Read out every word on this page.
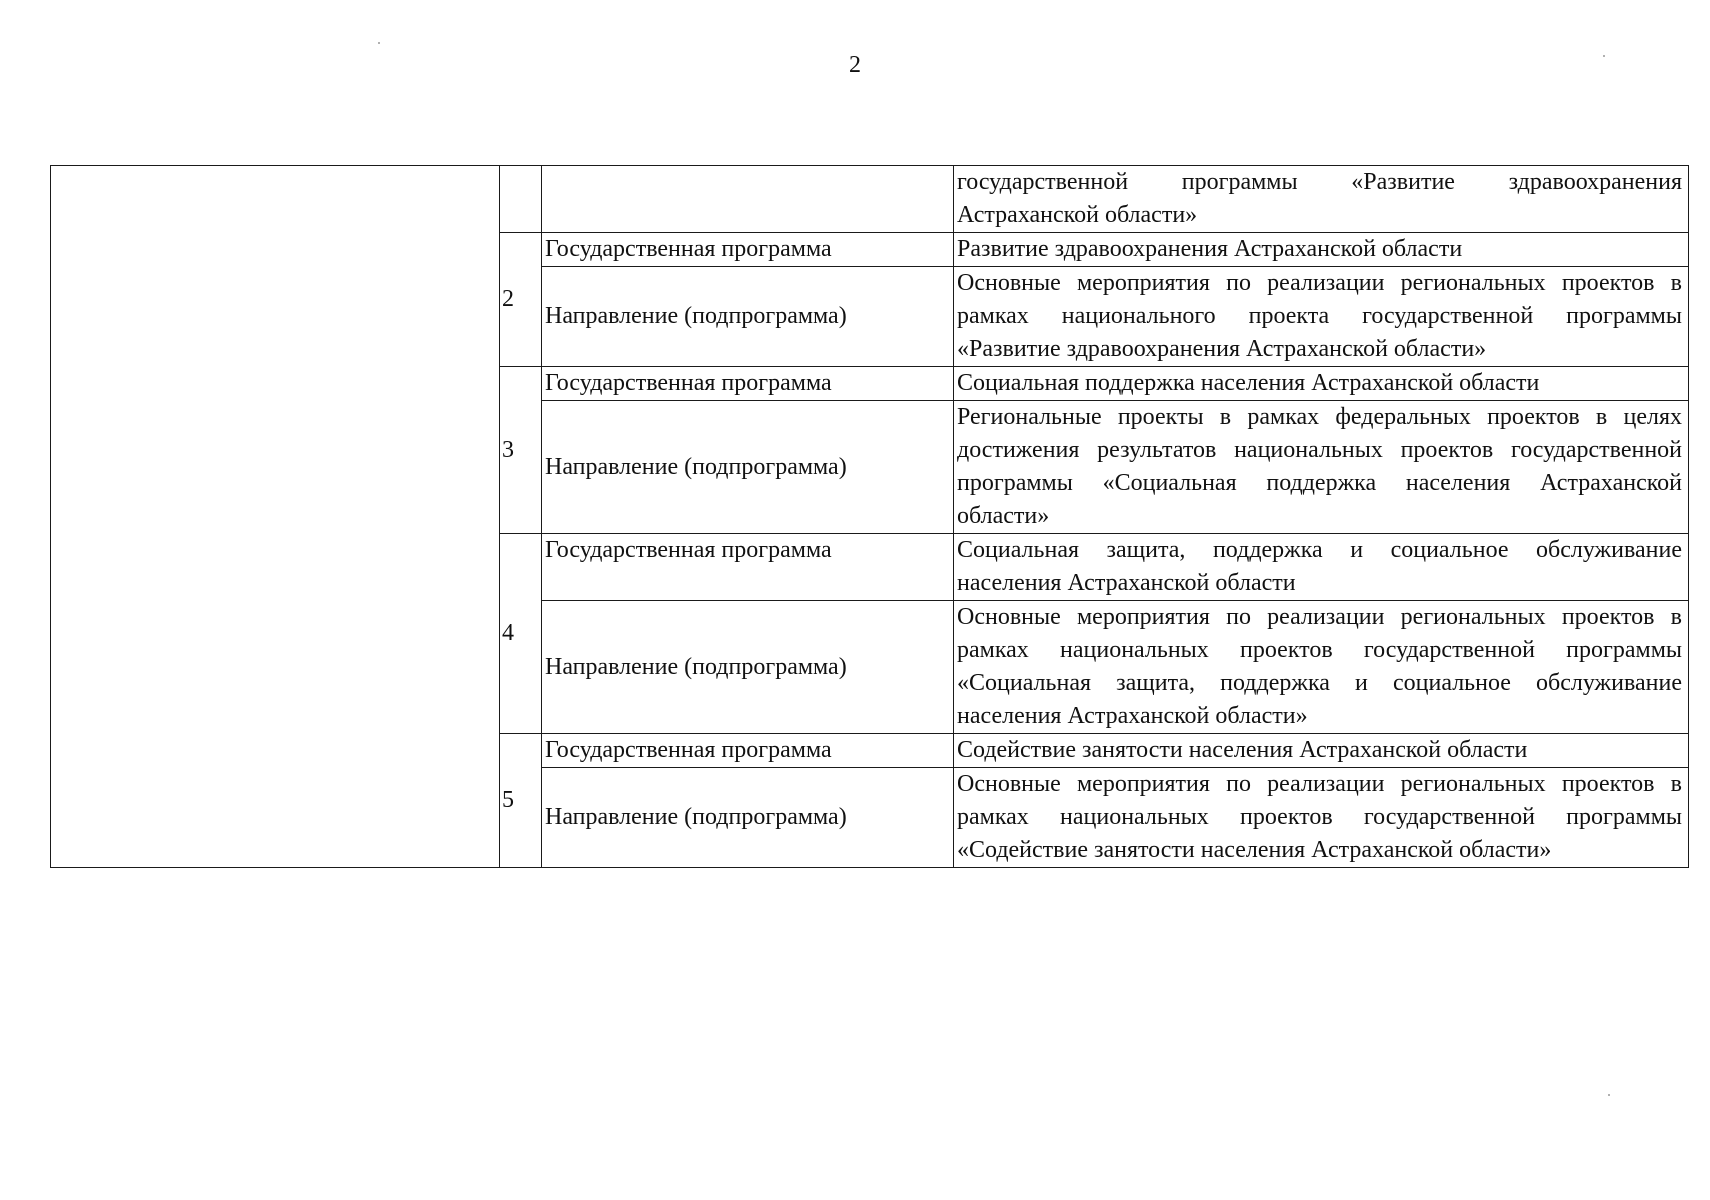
2

			государственной программы «Развитие здравоохранения Астраханской области»

	2	Государственная программа	Развитие здравоохранения Астраханской области
		Направление (подпрограмма)	Основные мероприятия по реализации региональных проектов в рамках национального проекта государственной программы «Развитие здравоохранения Астраханской области»
	3	Государственная программа	Социальная поддержка населения Астраханской области
		Направление (подпрограмма)	Региональные проекты в рамках федеральных проектов в целях достижения результатов национальных проектов государственной программы «Социальная поддержка населения Астраханской области»
	4	Государственная программа	Социальная защита, поддержка и социальное обслуживание населения Астраханской области
		Направление (подпрограмма)	Основные мероприятия по реализации региональных проектов в рамках национальных проектов государственной программы «Социальная защита, поддержка и социальное обслуживание населения Астраханской области»
	5	Государственная программа	Содействие занятости населения Астраханской области
		Направление (подпрограмма)	Основные мероприятия по реализации региональных проектов в рамках национальных проектов государственной программы «Содействие занятости населения Астраханской области»
